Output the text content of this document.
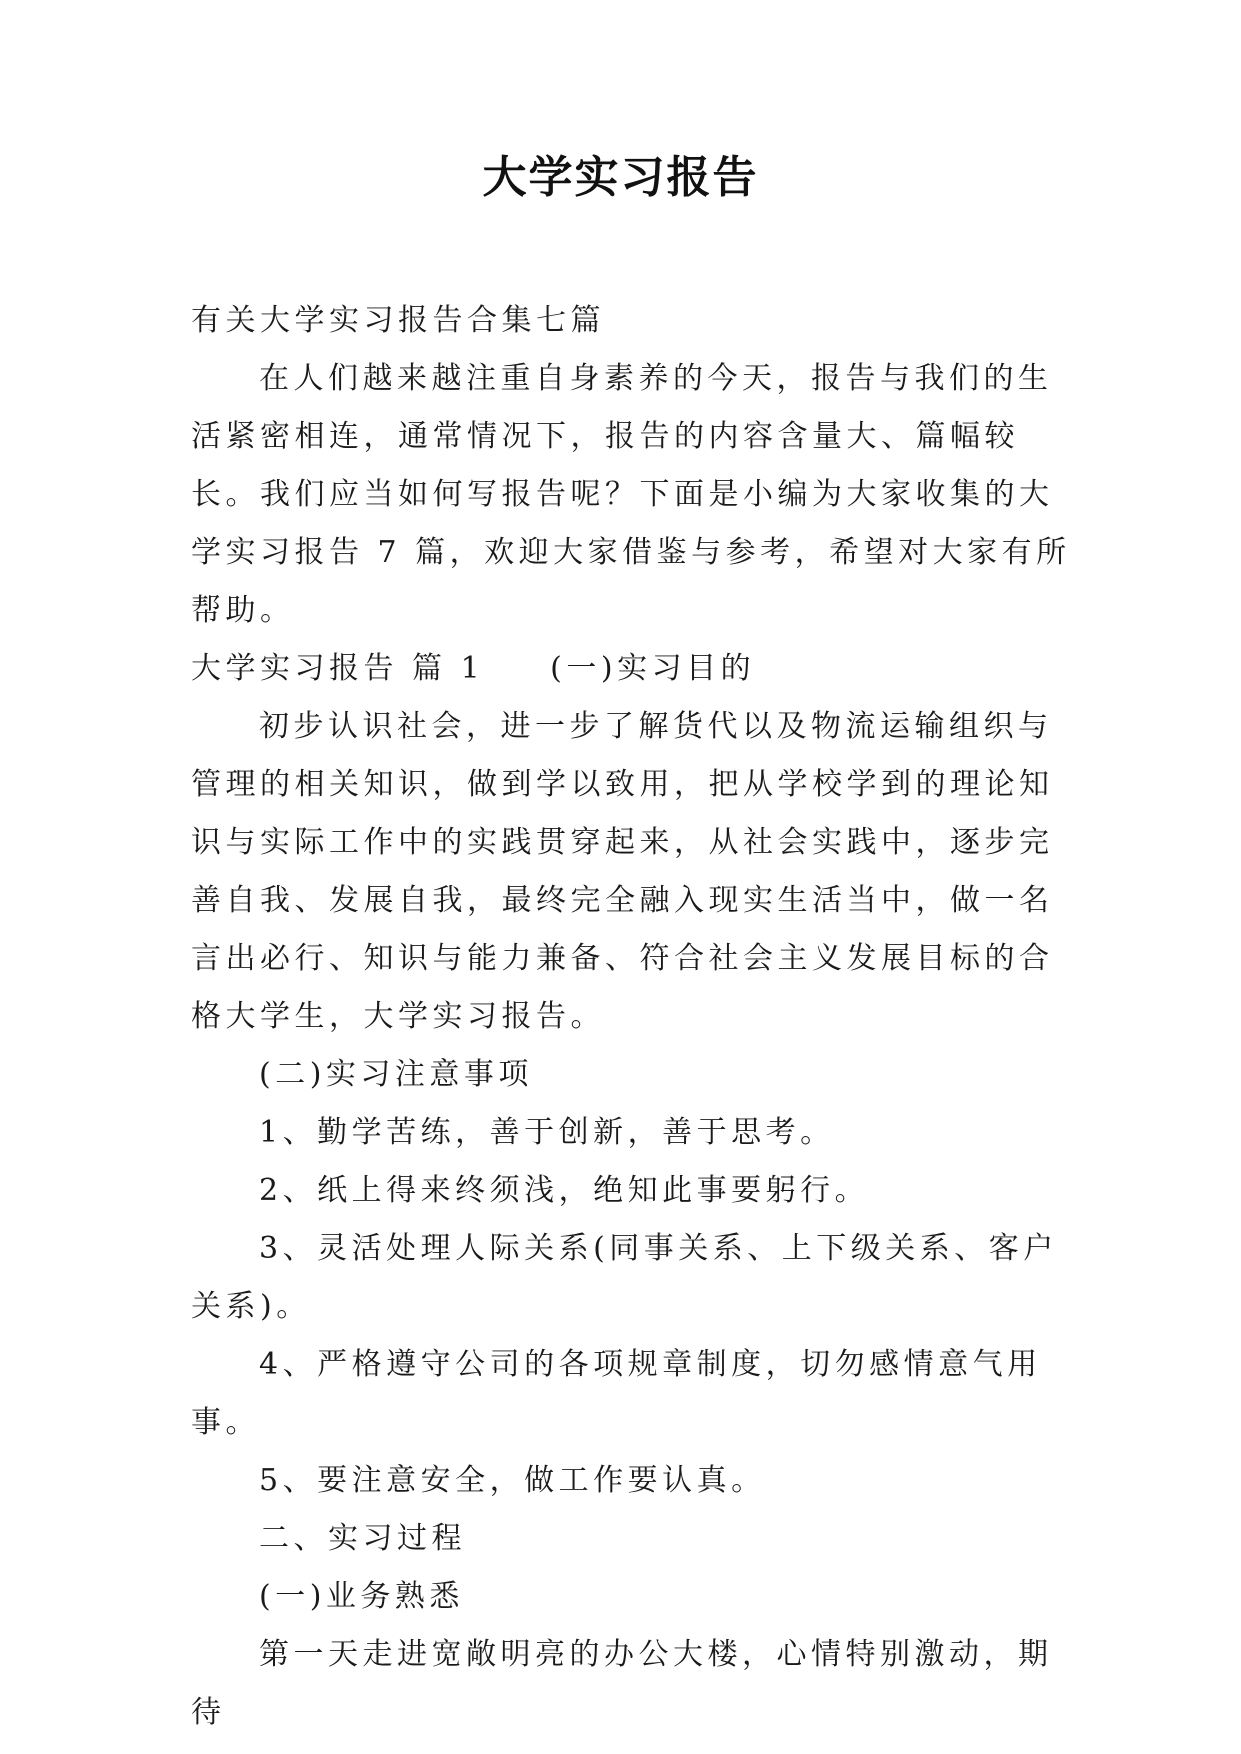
大学实习报告

有关大学实习报告合集七篇

在人们越来越注重自身素养的今天，报告与我们的生活紧密相连，通常情况下，报告的内容含量大、篇幅较长。我们应当如何写报告呢？下面是小编为大家收集的大学实习报告 7 篇，欢迎大家借鉴与参考，希望对大家有所帮助。

大学实习报告 篇 1 (一)实习目的

初步认识社会，进一步了解货代以及物流运输组织与管理的相关知识，做到学以致用，把从学校学到的理论知识与实际工作中的实践贯穿起来，从社会实践中，逐步完善自我、发展自我，最终完全融入现实生活当中，做一名言出必行、知识与能力兼备、符合社会主义发展目标的合格大学生，大学实习报告。

(二)实习注意事项

1、勤学苦练，善于创新，善于思考。

2、纸上得来终须浅，绝知此事要躬行。

3、灵活处理人际关系(同事关系、上下级关系、客户关系)。

4、严格遵守公司的各项规章制度，切勿感情意气用事。

5、要注意安全，做工作要认真。

二、实习过程

(一)业务熟悉

第一天走进宽敞明亮的办公大楼，心情特别激动，期待
